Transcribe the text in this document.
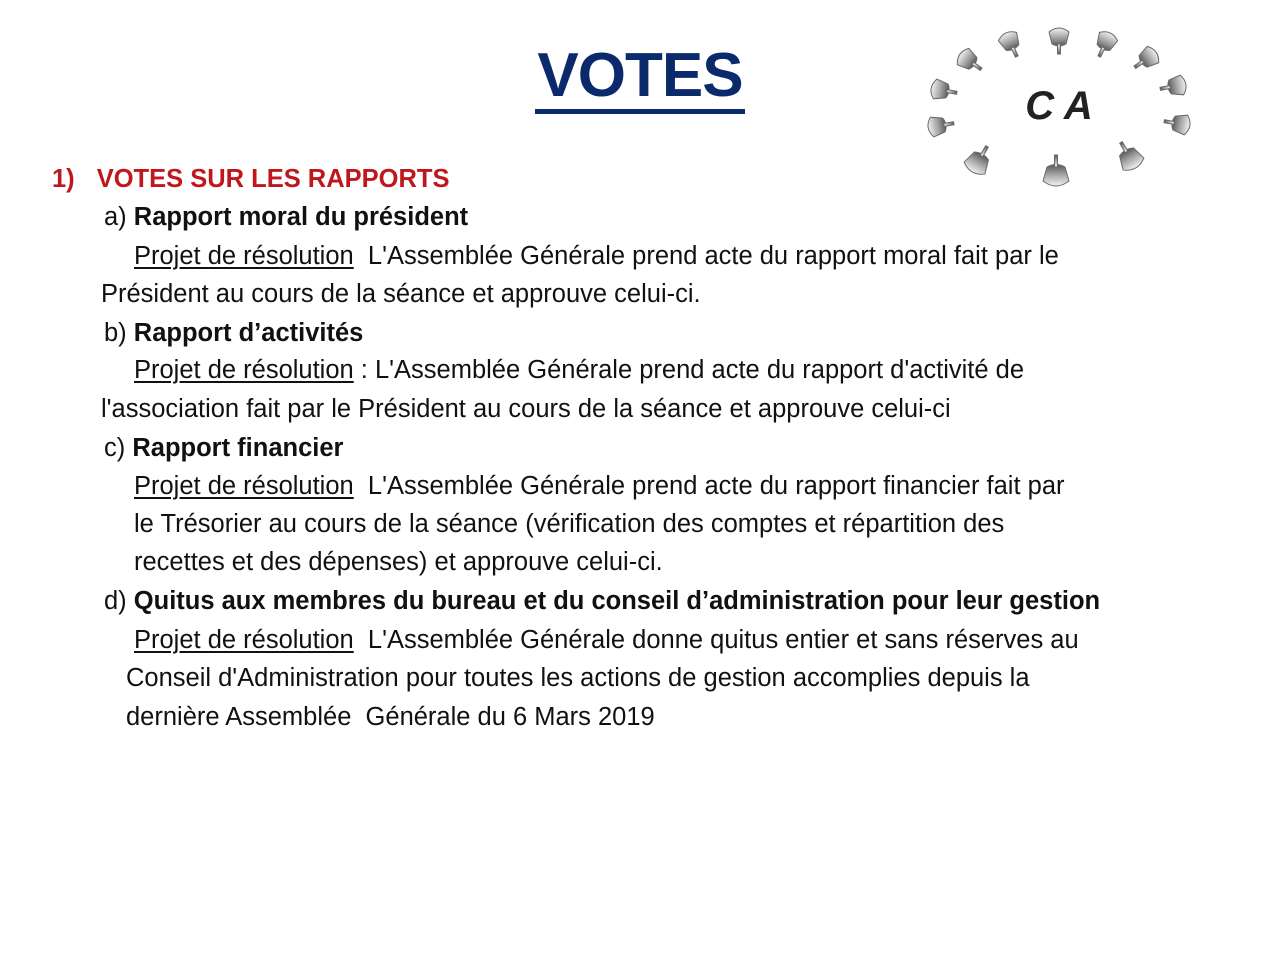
VOTES	C A
1) VOTES SUR LES RAPPORTS
a) Rapport moral du président
Projet de résolution  L'Assemblée Générale prend acte du rapport moral fait par le
Président au cours de la séance et approuve celui-ci.
b) Rapport d’activités
Projet de résolution : L'Assemblée Générale prend acte du rapport d'activité de
l'association fait par le Président au cours de la séance et approuve celui-ci
c) Rapport financier
Projet de résolution  L'Assemblée Générale prend acte du rapport financier fait par
le Trésorier au cours de la séance (vérification des comptes et répartition des
recettes et des dépenses) et approuve celui-ci.
d) Quitus aux membres du bureau et du conseil d’administration pour leur gestion
Projet de résolution  L'Assemblée Générale donne quitus entier et sans réserves au
Conseil d'Administration pour toutes les actions de gestion accomplies depuis la
dernière Assemblée  Générale du 6 Mars 2019
